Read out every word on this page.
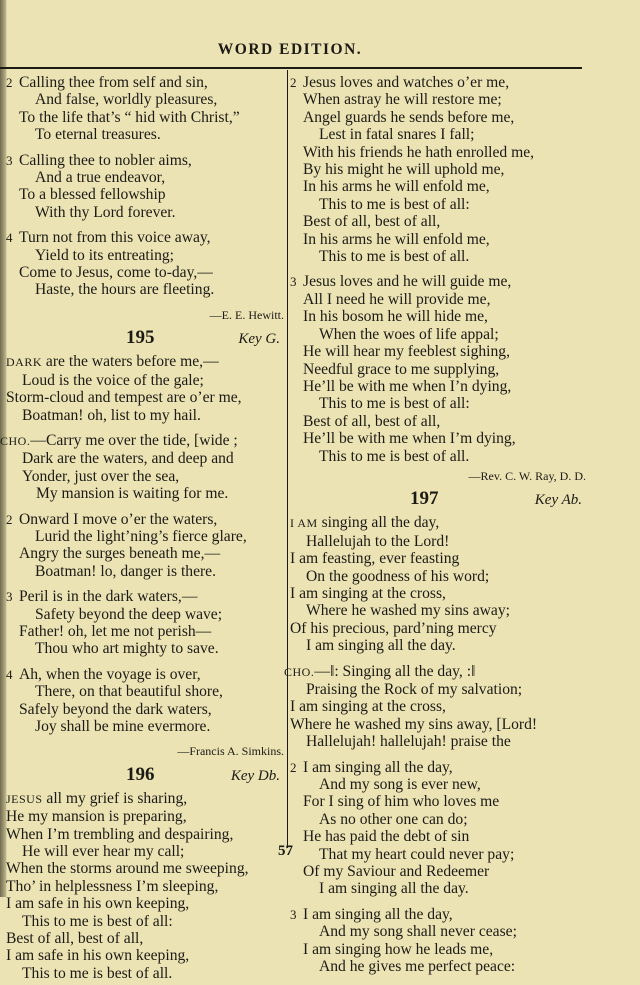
WORD EDITION.
2 Calling thee from self and sin,
And false, worldly pleasures,
To the life that’s “ hid with Christ,”
To eternal treasures.
3 Calling thee to nobler aims,
And a true endeavor,
To a blessed fellowship
With thy Lord forever.
4 Turn not from this voice away,
Yield to its entreating;
Come to Jesus, come to-day,—
Haste, the hours are fleeting.
—E. E. Hewitt.
195	Key G.
DARK are the waters before me,—
Loud is the voice of the gale;
Storm-cloud and tempest are o’er me,
Boatman! oh, list to my hail.
CHO.—Carry me over the tide, [wide ;
Dark are the waters, and deep and
Yonder, just over the sea,
My mansion is waiting for me.
2 Onward I move o’er the waters,
Lurid the light’ning’s fierce glare,
Angry the surges beneath me,—
Boatman! lo, danger is there.
3 Peril is in the dark waters,—
Safety beyond the deep wave;
Father! oh, let me not perish—
Thou who art mighty to save.
4 Ah, when the voyage is over,
There, on that beautiful shore,
Safely beyond the dark waters,
Joy shall be mine evermore.
—Francis A. Simkins.
196	Key Db.
JESUS all my grief is sharing,
He my mansion is preparing,
When I’m trembling and despairing,
He will ever hear my call;
When the storms around me sweeping,
Tho’ in helplessness I’m sleeping,
I am safe in his own keeping,
This to me is best of all:
Best of all, best of all,
I am safe in his own keeping,
This to me is best of all.
2 Jesus loves and watches o’er me,
When astray he will restore me;
Angel guards he sends before me,
Lest in fatal snares I fall;
With his friends he hath enrolled me,
By his might he will uphold me,
In his arms he will enfold me,
This to me is best of all:
Best of all, best of all,
In his arms he will enfold me,
This to me is best of all.
3 Jesus loves and he will guide me,
All I need he will provide me,
In his bosom he will hide me,
When the woes of life appal;
He will hear my feeblest sighing,
Needful grace to me supplying,
He’ll be with me when I’n dying,
This to me is best of all:
Best of all, best of all,
He’ll be with me when I’m dying,
This to me is best of all.
—Rev. C. W. Ray, D. D.
197	Key Ab.
I AM singing all the day,
Hallelujah to the Lord!
I am feasting, ever feasting
On the goodness of his word;
I am singing at the cross,
Where he washed my sins away;
Of his precious, pard’ning mercy
I am singing all the day.
CHO.—‖: Singing all the day, :‖
Praising the Rock of my salvation;
I am singing at the cross,
Where he washed my sins away, [Lord!
Hallelujah! hallelujah! praise the
2 I am singing all the day,
And my song is ever new,
For I sing of him who loves me
As no other one can do;
He has paid the debt of sin
That my heart could never pay;
Of my Saviour and Redeemer
I am singing all the day.
3 I am singing all the day,
And my song shall never cease;
I am singing how he leads me,
And he gives me perfect peace:
57
